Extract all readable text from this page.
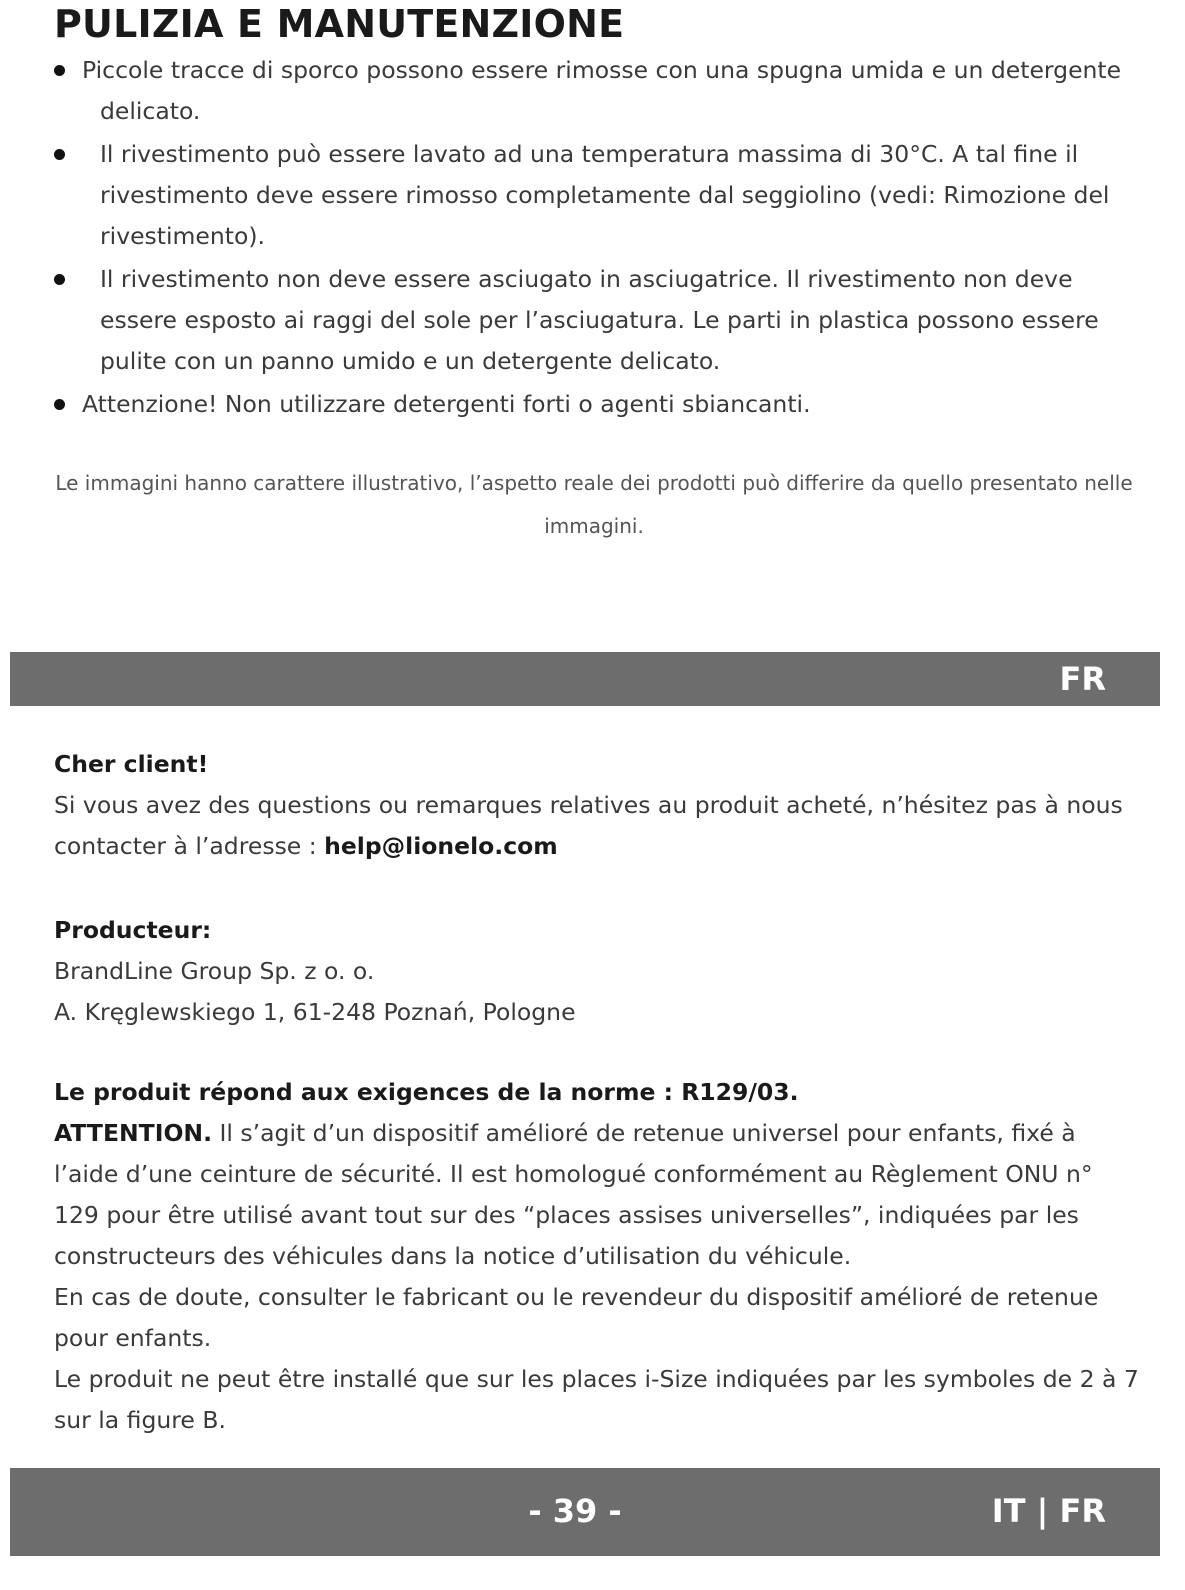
PULIZIA E MANUTENZIONE
Piccole tracce di sporco possono essere rimosse con una spugna umida e un detergente
delicato.
Il rivestimento può essere lavato ad una temperatura massima di 30°C. A tal fine il rivestimento deve essere rimosso completamente dal seggiolino (vedi: Rimozione del rivestimento).
Il rivestimento non deve essere asciugato in asciugatrice. Il rivestimento non deve essere esposto ai raggi del sole per l’asciugatura. Le parti in plastica possono essere pulite con un panno umido e un detergente delicato.
Attenzione! Non utilizzare detergenti forti o agenti sbiancanti.
Le immagini hanno carattere illustrativo, l’aspetto reale dei prodotti può differire da quello presentato nelle immagini.
FR

Cher client!

Si vous avez des questions ou remarques relatives au produit acheté, n’hésitez pas à nous contacter à l’adresse : help@lionelo.com

Producteur:

BrandLine Group Sp. z o. o.

A. Kręglewskiego 1, 61-248 Poznań, Pologne

Le produit répond aux exigences de la norme : R129/03.

ATTENTION. Il s’agit d’un dispositif amélioré de retenue universel pour enfants, fixé à l’aide d’une ceinture de sécurité. Il est homologué conformément au Règlement ONU n° 129 pour être utilisé avant tout sur des “places assises universelles”, indiquées par les constructeurs des véhicules dans la notice d’utilisation du véhicule.

En cas de doute, consulter le fabricant ou le revendeur du dispositif amélioré de retenue pour enfants.

Le produit ne peut être installé que sur les places i-Size indiquées par les symboles de 2 à 7 sur la figure B.

- 39 -	IT | FR
